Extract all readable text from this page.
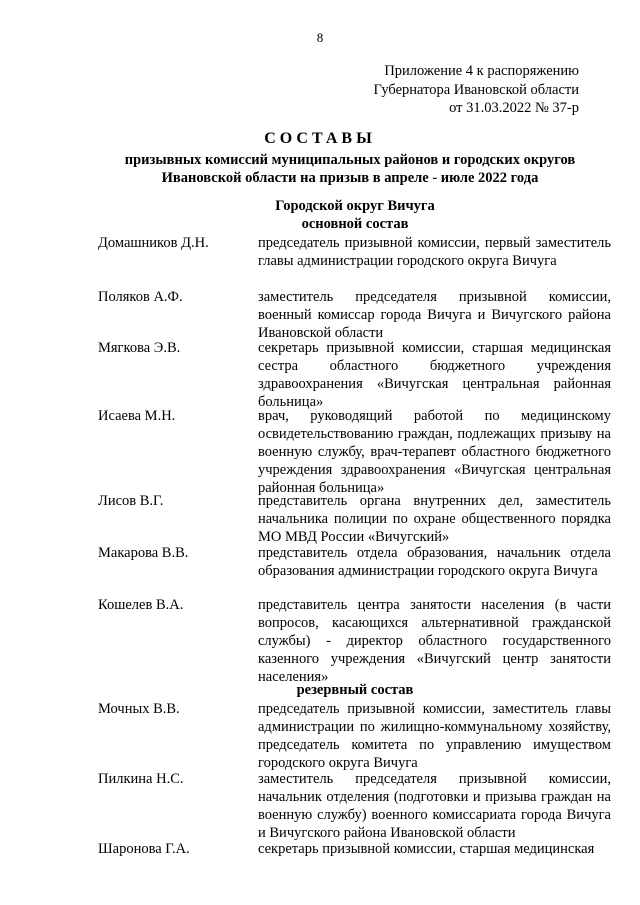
8
Приложение 4 к распоряжению
Губернатора Ивановской области
от 31.03.2022 № 37-р
СОСТАВЫ
призывных комиссий муниципальных районов и городских округов
Ивановской области на призыв в апреле - июле 2022 года
Городской округ Вичуга
основной состав
Домашников Д.Н.	председатель призывной комиссии, первый заместитель главы администрации городского округа Вичуга
Поляков А.Ф.	заместитель председателя призывной комиссии, военный комиссар города Вичуга и Вичугского района Ивановской области
Мягкова Э.В.	секретарь призывной комиссии, старшая медицинская сестра областного бюджетного учреждения здравоохранения «Вичугская центральная районная больница»
Исаева М.Н.	врач, руководящий работой по медицинскому освидетельствованию граждан, подлежащих призыву на военную службу, врач-терапевт областного бюджетного учреждения здравоохранения «Вичугская центральная районная больница»
Лисов В.Г.	представитель органа внутренних дел, заместитель начальника полиции по охране общественного порядка МО МВД России «Вичугский»
Макарова В.В.	представитель отдела образования, начальник отдела образования администрации городского округа Вичуга
Кошелев В.А.	представитель центра занятости населения (в части вопросов, касающихся альтернативной гражданской службы) - директор областного государственного казенного учреждения «Вичугский центр занятости населения»
резервный состав
Мочных В.В.	председатель призывной комиссии, заместитель главы администрации по жилищно-коммунальному хозяйству, председатель комитета по управлению имуществом городского округа Вичуга
Пилкина Н.С.	заместитель председателя призывной комиссии, начальник отделения (подготовки и призыва граждан на военную службу) военного комиссариата города Вичуга и Вичугского района Ивановской области
Шаронова Г.А.	секретарь призывной комиссии, старшая медицинская
